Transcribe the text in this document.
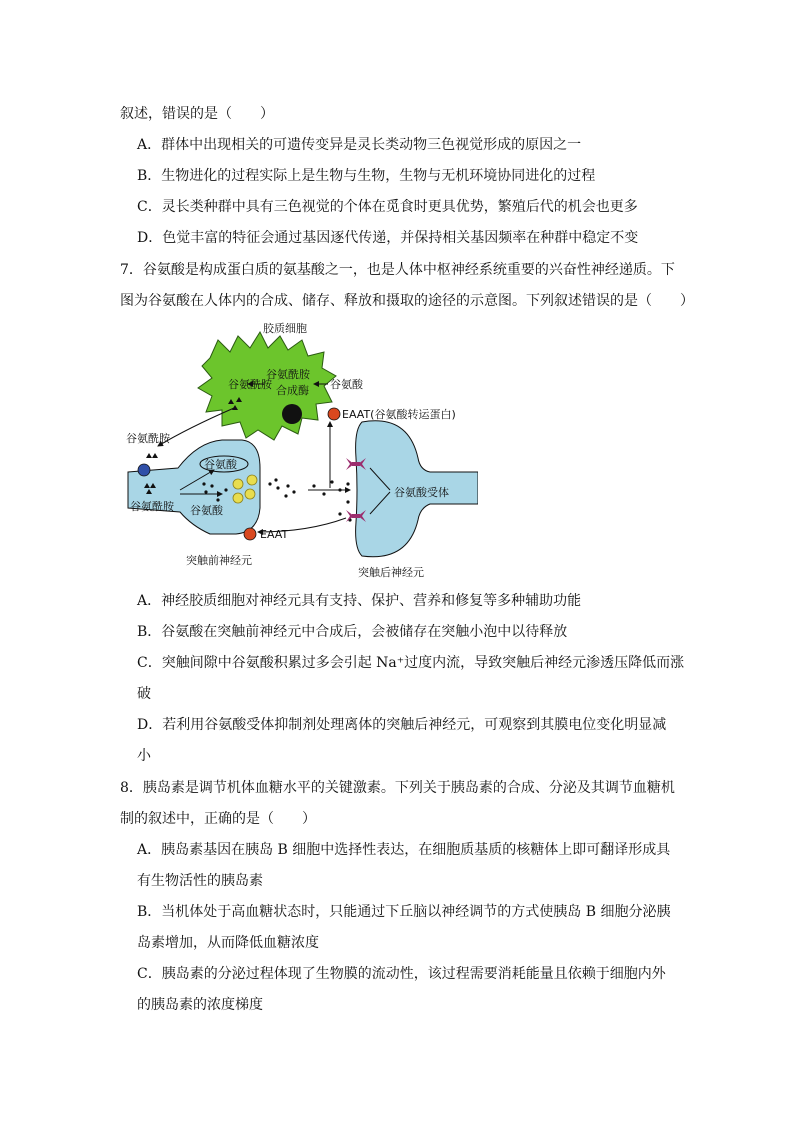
叙述，错误的是（　　）
A．群体中出现相关的可遗传变异是灵长类动物三色视觉形成的原因之一
B．生物进化的过程实际上是生物与生物，生物与无机环境协同进化的过程
C．灵长类种群中具有三色视觉的个体在觅食时更具优势，繁殖后代的机会也更多
D．色觉丰富的特征会通过基因逐代传递，并保持相关基因频率在种群中稳定不变
7．谷氨酸是构成蛋白质的氨基酸之一，也是人体中枢神经系统重要的兴奋性神经递质。下
图为谷氨酸在人体内的合成、储存、释放和摄取的途径的示意图。下列叙述错误的是（　　）
胶质细胞
谷氨酰胺
谷氨酰胺
合成酶 谷氨酸
EAAT(谷氨酸转运蛋白)
谷氨酰胺
谷氨酰胺
谷氨酸
谷氨酸
EAAT
突触前神经元
谷氨酸受体
突触后神经元
A．神经胶质细胞对神经元具有支持、保护、营养和修复等多种辅助功能
B．谷氨酸在突触前神经元中合成后，会被储存在突触小泡中以待释放
C．突触间隙中谷氨酸积累过多会引起 Na⁺过度内流，导致突触后神经元渗透压降低而涨
破
D．若利用谷氨酸受体抑制剂处理离体的突触后神经元，可观察到其膜电位变化明显减
小
8．胰岛素是调节机体血糖水平的关键激素。下列关于胰岛素的合成、分泌及其调节血糖机
制的叙述中，正确的是（　　）
A．胰岛素基因在胰岛 B 细胞中选择性表达，在细胞质基质的核糖体上即可翻译形成具
有生物活性的胰岛素
B．当机体处于高血糖状态时，只能通过下丘脑以神经调节的方式使胰岛 B 细胞分泌胰
岛素增加，从而降低血糖浓度
C．胰岛素的分泌过程体现了生物膜的流动性，该过程需要消耗能量且依赖于细胞内外
的胰岛素的浓度梯度
